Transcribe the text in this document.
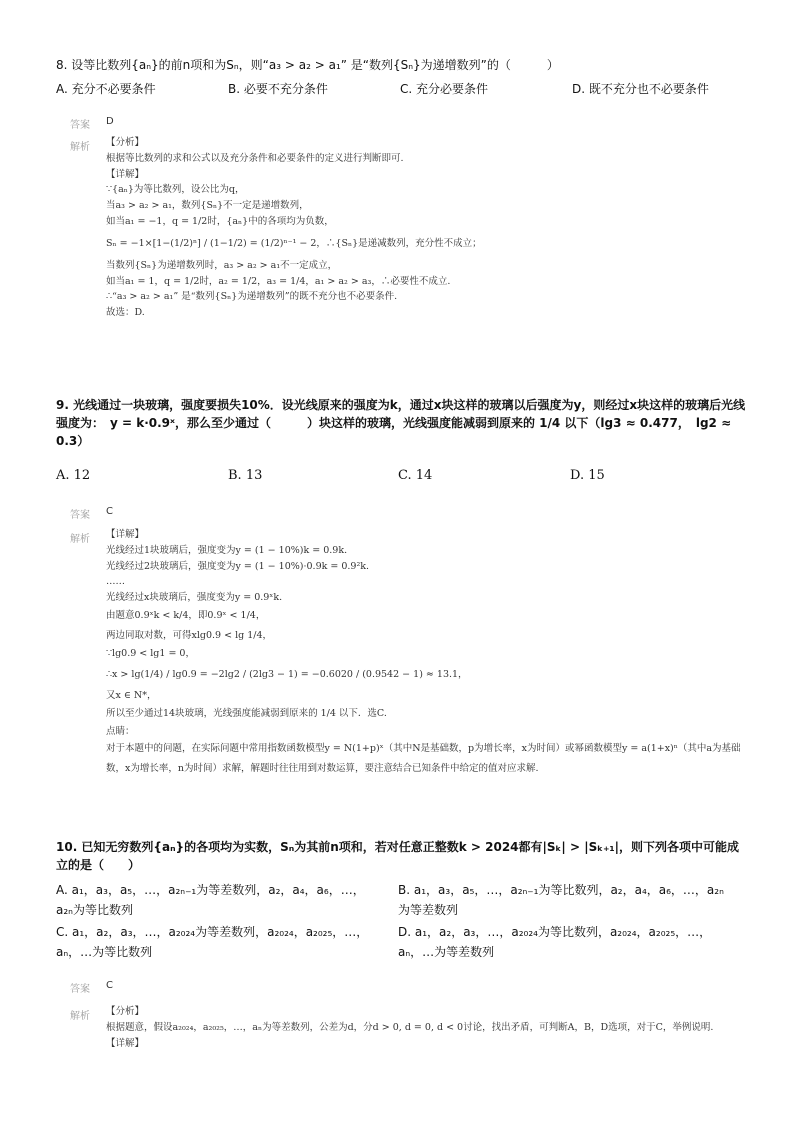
8. 设等比数列{aₙ}的前n项和为Sₙ，则“a₃ > a₂ > a₁” 是“数列{Sₙ}为递增数列”的（　　　）
A. 充分不必要条件	B. 必要不充分条件	C. 充分必要条件	D. 既不充分也不必要条件
答案 D
解析 【分析】
根据等比数列的求和公式以及充分条件和必要条件的定义进行判断即可.
【详解】
∵{aₙ}为等比数列，设公比为q，
当a₃ > a₂ > a₁，数列{Sₙ}不一定是递增数列，
如当a₁ = −1，q = 1/2时，{aₙ}中的各项均为负数，
Sₙ = −1×[1−(1/2)ⁿ] / (1−1/2) = (1/2)ⁿ⁻¹ − 2，∴{Sₙ}是递减数列，充分性不成立；
当数列{Sₙ}为递增数列时，a₃ > a₂ > a₁不一定成立，
如当a₁ = 1，q = 1/2时，a₂ = 1/2，a₃ = 1/4，a₁ > a₂ > a₃，∴必要性不成立.
∴“a₃ > a₂ > a₁” 是“数列{Sₙ}为递增数列”的既不充分也不必要条件.
故选：D.
9. 光线通过一块玻璃，强度要损失10%．设光线原来的强度为k，通过x块这样的玻璃以后强度为y，则经过x块这样的玻璃后光线强度为：　y = k·0.9ˣ，那么至少通过（　　　）块这样的玻璃，光线强度能减弱到原来的 1/4 以下（lg3 ≈ 0.477，　lg2 ≈ 0.3）
A. 12	B. 13	C. 14	D. 15
答案 C
解析 【详解】
光线经过1块玻璃后，强度变为y = (1 − 10%)k = 0.9k.
光线经过2块玻璃后，强度变为y = (1 − 10%)·0.9k = 0.9²k.
……
光线经过x块玻璃后，强度变为y = 0.9ˣk.
由题意0.9ˣk < k/4，即0.9ˣ < 1/4，
两边同取对数，可得xlg0.9 < lg 1/4，
∵lg0.9 < lg1 = 0，
∴x > lg(1/4) / lg0.9 = −2lg2 / (2lg3 − 1) = −0.6020 / (0.9542 − 1) ≈ 13.1，
又x ∈ N*，
所以至少通过14块玻璃，光线强度能减弱到原来的 1/4 以下．选C.
点睛：
对于本题中的问题，在实际问题中常用指数函数模型y = N(1+p)ˣ（其中N是基础数，p为增长率，x为时间）或幂函数模型y = a(1+x)ⁿ（其中a为基础数，x为增长率，n为时间）求解，解题时往往用到对数运算，要注意结合已知条件中给定的值对应求解.
10. 已知无穷数列{aₙ}的各项均为实数，Sₙ为其前n项和，若对任意正整数k > 2024都有|Sₖ| > |Sₖ₊₁|，则下列各项中可能成立的是（　　）
A. a₁，a₃，a₅，…，a₂ₙ₋₁为等差数列，a₂，a₄，a₆，…，a₂ₙ为等比数列
B. a₁，a₃，a₅，…，a₂ₙ₋₁为等比数列，a₂，a₄，a₆，…，a₂ₙ为等差数列
C. a₁，a₂，a₃，…，a₂₀₂₄为等差数列，a₂₀₂₄，a₂₀₂₅，…，aₙ，…为等比数列
D. a₁，a₂，a₃，…，a₂₀₂₄为等比数列，a₂₀₂₄，a₂₀₂₅，…，aₙ，…为等差数列
答案 C
解析 【分析】
根据题意，假设a₂₀₂₄，a₂₀₂₅，…，aₙ为等差数列，公差为d，分d > 0, d = 0, d < 0讨论，找出矛盾，可判断A，B，D选项，对于C，举例说明.
【详解】
